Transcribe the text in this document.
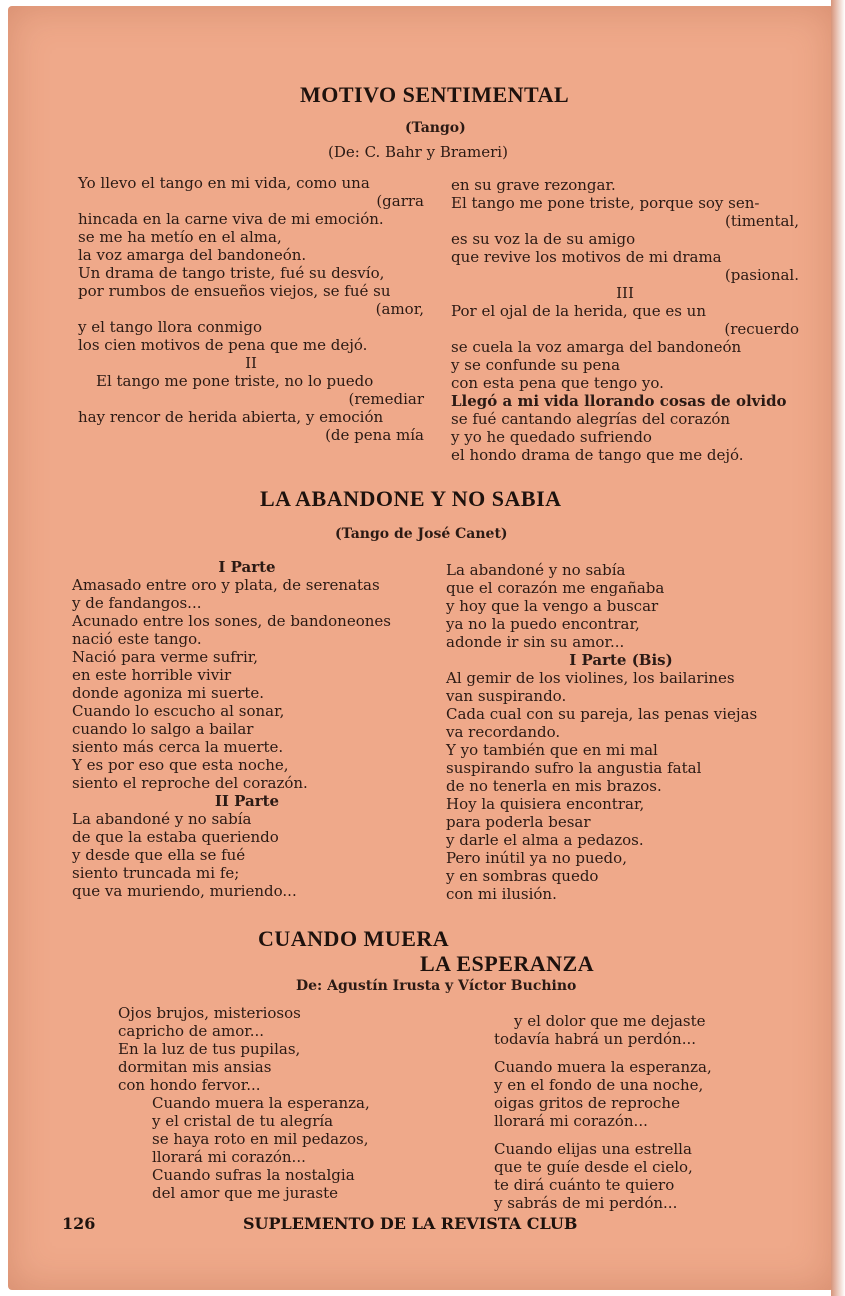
MOTIVO SENTIMENTAL
(Tango)
(De: C. Bahr y Brameri)
Yo llevo el tango en mi vida, como una
(garra
hincada en la carne viva de mi emoción.
se me ha metío en el alma,
la voz amarga del bandoneón.
Un drama de tango triste, fué su desvío,
por rumbos de ensueños viejos, se fué su
(amor,
y el tango llora conmigo
los cien motivos de pena que me dejó.
II
El tango me pone triste, no lo puedo
(remediar
hay rencor de herida abierta, y emoción
(de pena mía
en su grave rezongar.
El tango me pone triste, porque soy sen-
(timental,
es su voz la de su amigo
que revive los motivos de mi drama
(pasional.
III
Por el ojal de la herida, que es un
(recuerdo
se cuela la voz amarga del bandoneón
y se confunde su pena
con esta pena que tengo yo.
Llegó a mi vida llorando cosas de olvido
se fué cantando alegrías del corazón
y yo he quedado sufriendo
el hondo drama de tango que me dejó.
LA ABANDONE Y NO SABIA
(Tango de José Canet)
I Parte
Amasado entre oro y plata, de serenatas
y de fandangos...
Acunado entre los sones, de bandoneones
nació este tango.
Nació para verme sufrir,
en este horrible vivir
donde agoniza mi suerte.
Cuando lo escucho al sonar,
cuando lo salgo a bailar
siento más cerca la muerte.
Y es por eso que esta noche,
siento el reproche del corazón.
II Parte
La abandoné y no sabía
de que la estaba queriendo
y desde que ella se fué
siento truncada mi fe;
que va muriendo, muriendo...
La abandoné y no sabía
que el corazón me engañaba
y hoy que la vengo a buscar
ya no la puedo encontrar,
adonde ir sin su amor...
I Parte (Bis)
Al gemir de los violines, los bailarines
van suspirando.
Cada cual con su pareja, las penas viejas
va recordando.
Y yo también que en mi mal
suspirando sufro la angustia fatal
de no tenerla en mis brazos.
Hoy la quisiera encontrar,
para poderla besar
y darle el alma a pedazos.
Pero inútil ya no puedo,
y en sombras quedo
con mi ilusión.
CUANDO MUERA
LA ESPERANZA
De: Agustín Irusta y Víctor Buchino
Ojos brujos, misteriosos
capricho de amor...
En la luz de tus pupilas,
dormitan mis ansias
con hondo fervor...
Cuando muera la esperanza,
y el cristal de tu alegría
se haya roto en mil pedazos,
llorará mi corazón...
Cuando sufras la nostalgia
del amor que me juraste
y el dolor que me dejaste
todavía habrá un perdón...
Cuando muera la esperanza,
y en el fondo de una noche,
oigas gritos de reproche
llorará mi corazón...
Cuando elijas una estrella
que te guíe desde el cielo,
te dirá cuánto te quiero
y sabrás de mi perdón...
126	SUPLEMENTO DE LA REVISTA CLUB
